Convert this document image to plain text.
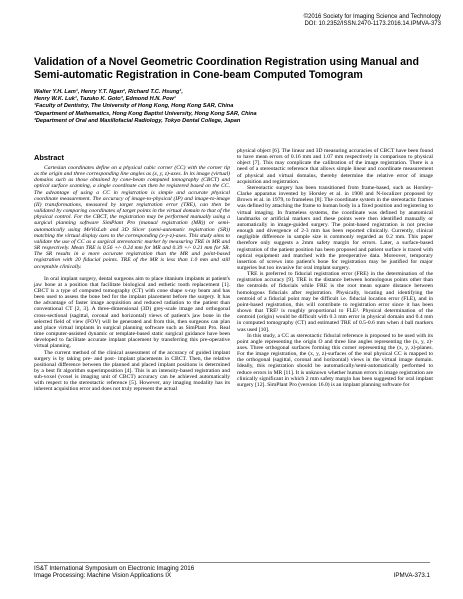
©2016 Society for Imaging Science and Technology
DOI: 10.2352/ISSN.2470-1173.2016.14.IPMVA-373
Validation of a Novel Geometric Coordination Registration using Manual and Semi-automatic Registration in Cone-beam Computed Tomogram
Walter Y.H. Lam¹, Henry Y.T. Ngan², Richard T.C. Hsung¹,
Henry W.K. Luk¹, Tazuko K. Goto³, Edmond H.N. Pow¹
¹Faculty of Dentistry, The University of Hong Kong, Hong Kong SAR, China
²Department of Mathematics, Hong Kong Baptist University, Hong Kong SAR, China
³Department of Oral and Maxillofacial Radiology, Tokyo Dental College, Japan
Abstract

Cartesian coordinates define on a physical cubic corner (CC) with the corner tip as the origin and three corresponding line angles as (x, y, z)-axes. In its image (virtual) domains such as those obtained by cone-beam computed tomography (CBCT) and optical surface scanning, a single coordinate can then be registered based on the CC. The advantage of using a CC in registration is simple and accurate physical coordinate measurement. The accuracy of image-to-physical (IP) and image-to-image (II) transformations, measured by target registration error (TRE), can then be validated by comparing coordinates of target points in the virtual domain to that of the physical control. For the CBCT, the registration may be performed manually using a surgical planning software SimPlant Pro (manual registration (MR)) or semi-automatically using MeVisLab and 3D Slicer (semi-automatic registration (SR)) matching the virtual display axes to the corresponding (x-y-z)-axes. This study aims to validate the use of CC as a surgical stereotactic marker by measuring TRE in MR and SR respectively. Mean TRE is 0.56 +/- 0.24 mm for MR and 0.39 +/- 0.21 mm for SR. The SR results in a more accurate registration than the MR and point-based registration with 20 fiducial points. TRE of the MR is less than 1.0 mm and still acceptable clinically.

In oral implant surgery, dental surgeons aim to place titanium implants at patient's jaw bone at a position that facilitate biological and esthetic tooth replacement [1]. CBCT is a type of computed tomography (CT) with cone shape x-ray beam and has been used to assess the bone bed for the implant placement before the surgery. It has the advantage of faster image acquisition and reduced radiation to the patient than conventional CT [2, 3]. A three-dimensional (3D) grey-scale image and orthogonal cross-sectional (sagittal, coronal and horizontal) views of patient's jaw bone in the selected field of view (FOV) will be generated and from this, then surgeons can plan and place virtual implants in surgical planning software such as SimPlant Pro. Real time computer-assisted dynamic or template-based static surgical guidance have been developed to facilitate accurate implant placement by transferring this pre-operative virtual planning.

The current method of the clinical assessment of the accuracy of guided implant surgery is by taking pre- and post- implant placements in CBCT. Then, the relative positional difference between the planned and placed implant positions is determined by a best fit algorithm superimposition [4]. This is an intensity-based registration and sub-voxel (voxel is imaging unit of CBCT) accuracy can be achieved automatically with respect to the stereotactic reference [5]. However, any imaging modality has its inherent acquisition error and does not truly represent the actual

physical object [6]. The linear and 3D measuring accuracies of CBCT have been found to have mean errors of 0.16 mm and 1.07 mm respectively in comparison to physical object [7]. This may complicate the calibration of the image registration. There is a need of a stereotactic reference that allows simple linear and coordinate measurement of physical and virtual domains, thereby determine the relative error of image acquisition and registration.

Stereotactic surgery has been transitioned from frame-based, such as Horsley-Clarke apparatus invented by Horsley et al. in 1908 and N-localizer proposed by Brown et al. in 1979, to frameless [8]. The coordinate system in the stereotactic frames was defined by attaching the frame to human body in a fixed position and registering to virtual imaging. In frameless systems, the coordinate was defined by anatomical landmarks or artificial markers and these points were then identified manually or automatically in image-guided surgery. The point-based registration is not precise enough and divergence of 2-3 mm has been reported clinically. Currently, clinical negligible difference in sample size is commonly regarded as 0.2 mm. This paper therefore only suggests a 2mm safety margin for errors. Later, a surface-based registration of the patient position has been proposed and patient surface is traced with optical equipment and matched with the preoperative data. Moreover, temporary insertion of screws into patient's bone for registration may be justified for major surgeries but too invasive for oral implant surgery.

TRE is preferred to fiducial registration error (FRE) in the determination of the registration accuracy [9]. TRE is the distance between homologous points other than the centroids of fiducials while FRE is the root mean square distance between homologous fiducials after registration. Physically, locating and identifying the centroid of a fiducial point may be difficult i.e. fiducial location error (FLE), and in point-based registration, this will contribute to registration error since it has been shown that TRE² is roughly proportional to FLE². Physical determination of the centroid (origin) would be difficult with 0.3 mm error in physical domain and 0.4 mm in computed tomography (CT) and estimated TRE of 0.5-0.6 mm when 4 ball markers was used [10].

In this study, a CC as stereotactic fiducial reference is proposed to be used with its point angle representing the origin O and three line angles representing the (x, y, z)-axes. Three orthogonal surfaces forming this corner representing the (x, y, z)-planes. For the image registration, the (x, y, z)-surfaces of the real physical CC is mapped to the orthogonal (sagittal, coronal and horizontal) views in the virtual image domain. Ideally, this registration should be automatically/semi-automatically performed to reduce errors in MR [11]. It is unknown whether human errors in image registration are clinically significant in which 2 mm safety margin has been suggested for oral implant surgery [12]. SimPlant Pro (version 16.0) is an implant planning software for

IS&T International Symposium on Electronic Imaging 2016
Image Processing: Machine Vision Applications IX	IPMVA-373.1
